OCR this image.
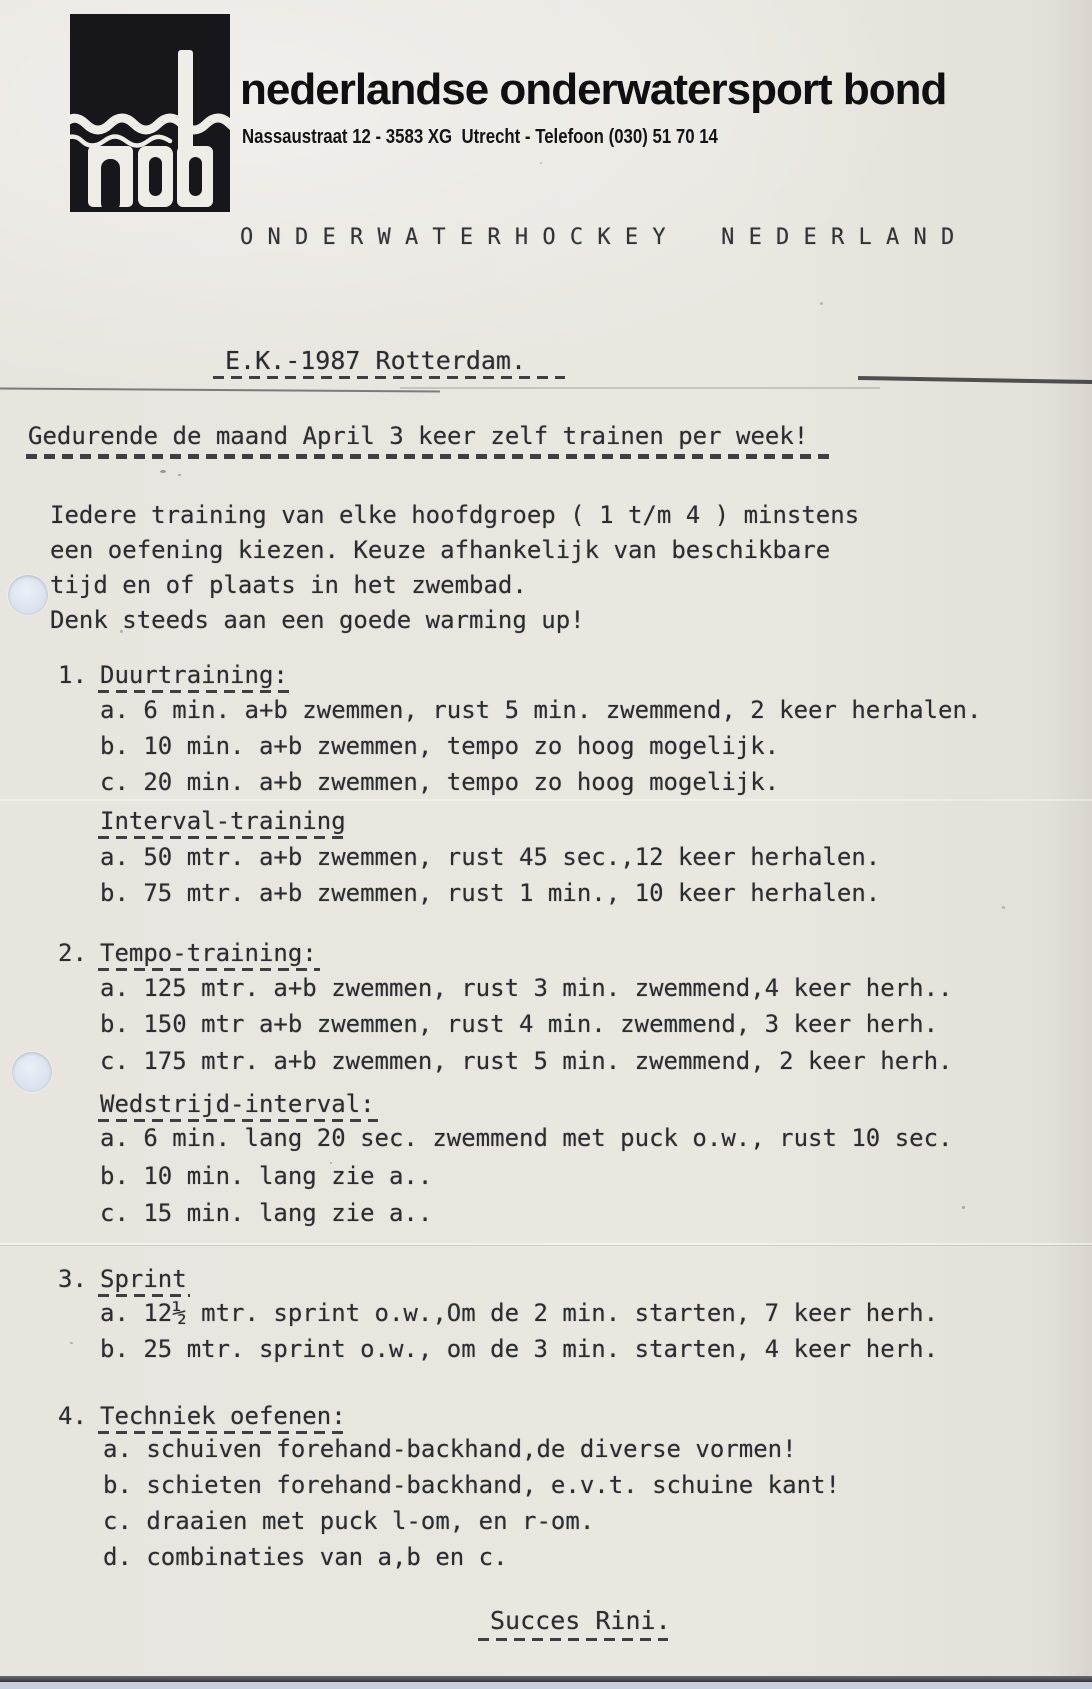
nederlandse onderwatersport bond
Nassaustraat 12 - 3583 XG  Utrecht - Telefoon (030) 51 70 14
O N D E R W A T E R H O C K E Y    N E D E R L A N D
E.K.-1987 Rotterdam.
Gedurende de maand April 3 keer zelf trainen per week!
Iedere training van elke hoofdgroep ( 1 t/m 4 ) minstens
een oefening kiezen. Keuze afhankelijk van beschikbare
tijd en of plaats in het zwembad.
Denk steeds aan een goede warming up!
1. Duurtraining:
a. 6 min. a+b zwemmen, rust 5 min. zwemmend, 2 keer herhalen.
b. 10 min. a+b zwemmen, tempo zo hoog mogelijk.
c. 20 min. a+b zwemmen, tempo zo hoog mogelijk.
Interval-training
a. 50 mtr. a+b zwemmen, rust 45 sec.,12 keer herhalen.
b. 75 mtr. a+b zwemmen, rust 1 min., 10 keer herhalen.
2. Tempo-training:
a. 125 mtr. a+b zwemmen, rust 3 min. zwemmend,4 keer herh..
b. 150 mtr a+b zwemmen, rust 4 min. zwemmend, 3 keer herh.
c. 175 mtr. a+b zwemmen, rust 5 min. zwemmend, 2 keer herh.
Wedstrijd-interval:
a. 6 min. lang 20 sec. zwemmend met puck o.w., rust 10 sec.
b. 10 min. lang zie a..
c. 15 min. lang zie a..
3. Sprint
a. 12½ mtr. sprint o.w.,Om de 2 min. starten, 7 keer herh.
b. 25 mtr. sprint o.w., om de 3 min. starten, 4 keer herh.
4. Techniek oefenen:
a. schuiven forehand-backhand,de diverse vormen!
b. schieten forehand-backhand, e.v.t. schuine kant!
c. draaien met puck l-om, en r-om.
d. combinaties van a,b en c.
Succes Rini.
